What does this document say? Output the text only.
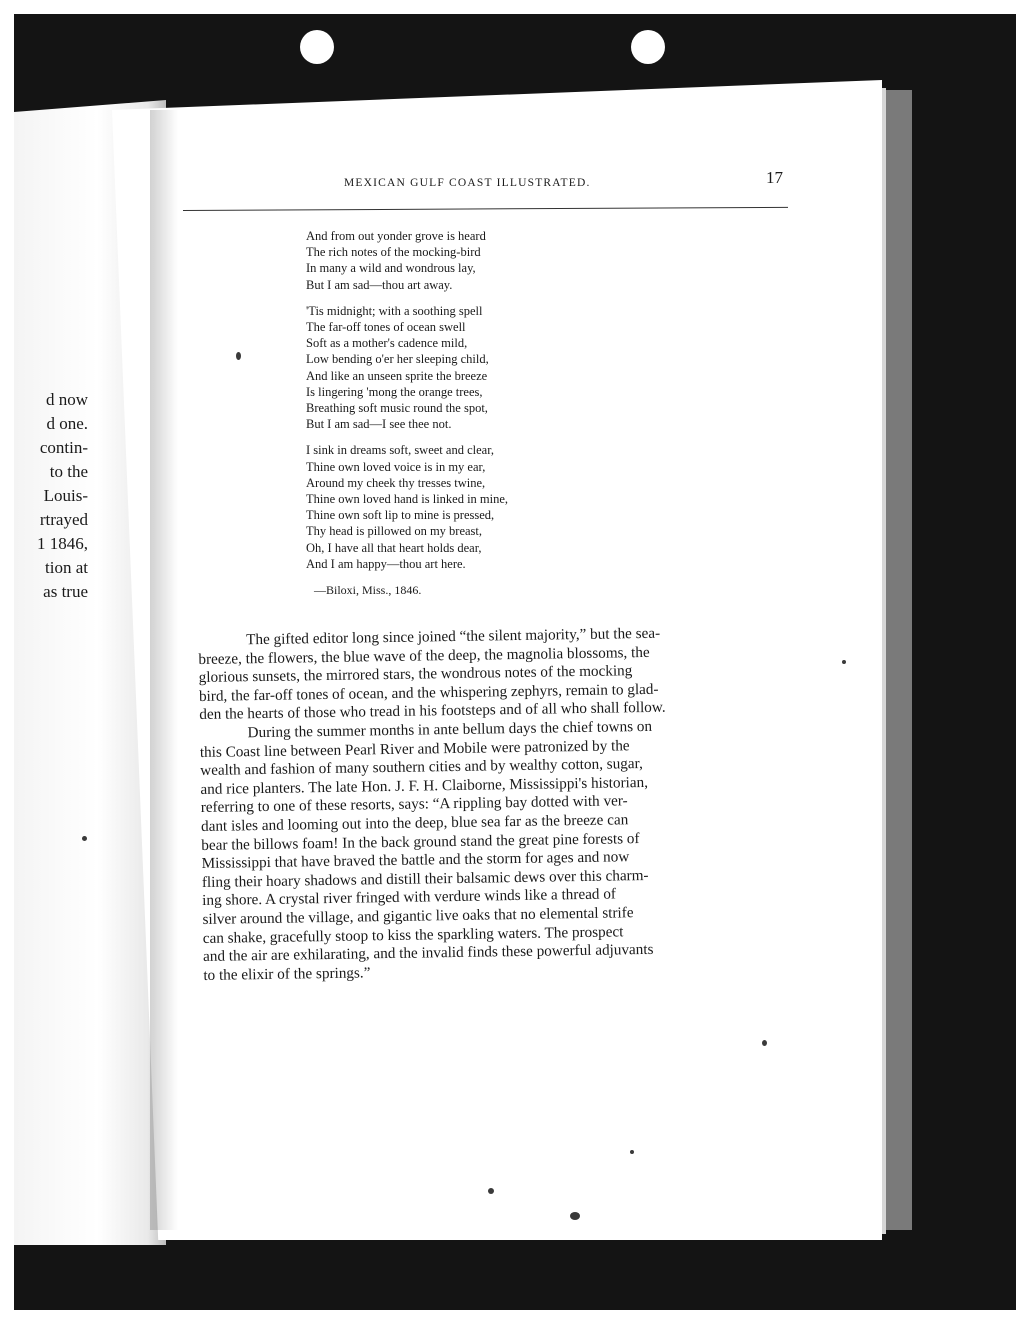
d now
d one.
contin-
to the
Louis-
rtrayed
1 1846,
tion at
as true
MEXICAN GULF COAST ILLUSTRATED.	17
And from out yonder grove is heard
The rich notes of the mocking-bird
In many a wild and wondrous lay,
But I am sad—thou art away.
'Tis midnight; with a soothing spell
The far-off tones of ocean swell
Soft as a mother's cadence mild,
Low bending o'er her sleeping child,
And like an unseen sprite the breeze
Is lingering 'mong the orange trees,
Breathing soft music round the spot,
But I am sad—I see thee not.
I sink in dreams soft, sweet and clear,
Thine own loved voice is in my ear,
Around my cheek thy tresses twine,
Thine own loved hand is linked in mine,
Thine own soft lip to mine is pressed,
Thy head is pillowed on my breast,
Oh, I have all that heart holds dear,
And I am happy—thou art here.
—Biloxi, Miss., 1846.
The gifted editor long since joined “the silent majority,” but the sea-
breeze, the flowers, the blue wave of the deep, the magnolia blossoms, the
glorious sunsets, the mirrored stars, the wondrous notes of the mocking
bird, the far-off tones of ocean, and the whispering zephyrs, remain to glad-
den the hearts of those who tread in his footsteps and of all who shall follow.
During the summer months in ante bellum days the chief towns on
this Coast line between Pearl River and Mobile were patronized by the
wealth and fashion of many southern cities and by wealthy cotton, sugar,
and rice planters. The late Hon. J. F. H. Claiborne, Mississippi's historian,
referring to one of these resorts, says: “A rippling bay dotted with ver-
dant isles and looming out into the deep, blue sea far as the breeze can
bear the billows foam! In the back ground stand the great pine forests of
Mississippi that have braved the battle and the storm for ages and now
fling their hoary shadows and distill their balsamic dews over this charm-
ing shore. A crystal river fringed with verdure winds like a thread of
silver around the village, and gigantic live oaks that no elemental strife
can shake, gracefully stoop to kiss the sparkling waters. The prospect
and the air are exhilarating, and the invalid finds these powerful adjuvants
to the elixir of the springs.”
